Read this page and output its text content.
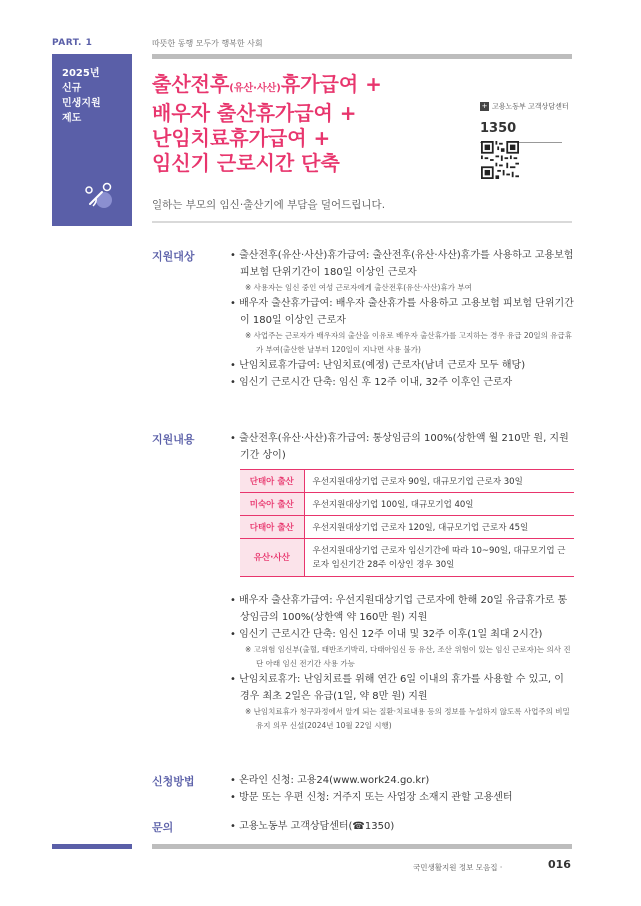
PART. 1	따뜻한 동행 모두가 행복한 사회
2025년
신규
민생지원
제도
출산전후(유산·사산)휴가급여 +
배우자 출산휴가급여 +
난임치료휴가급여 +
임신기 근로시간 단축
+ 고용노동부 고객상담센터
1350
일하는 부모의 임신·출산기에 부담을 덜어드립니다.
지원대상	• 출산전후(유산·사산)휴가급여: 출산전후(유산·사산)휴가를 사용하고 고용보험 피보험 단위기간이 180일 이상인 근로자
※ 사용자는 임신 중인 여성 근로자에게 출산전후(유산·사산)휴가 부여
• 배우자 출산휴가급여: 배우자 출산휴가를 사용하고 고용보험 피보험 단위기간이 180일 이상인 근로자
※ 사업주는 근로자가 배우자의 출산을 이유로 배우자 출산휴가를 고지하는 경우 유급 20일의 유급휴가 부여(출산한 날부터 120일이 지나면 사용 불가)
• 난임치료휴가급여: 난임치료(예정) 근로자(남녀 근로자 모두 해당)
• 임신기 근로시간 단축: 임신 후 12주 이내, 32주 이후인 근로자
지원내용	• 출산전후(유산·사산)휴가급여: 통상임금의 100%(상한액 월 210만 원, 지원기간 상이)
단태아 출산	우선지원대상기업 근로자 90일, 대규모기업 근로자 30일
미숙아 출산	우선지원대상기업 100일, 대규모기업 40일
다태아 출산	우선지원대상기업 근로자 120일, 대규모기업 근로자 45일
유산·사산	우선지원대상기업 근로자 임신기간에 따라 10~90일, 대규모기업 근로자 임신기간 28주 이상인 경우 30일
• 배우자 출산휴가급여: 우선지원대상기업 근로자에 한해 20일 유급휴가로 통상임금의 100%(상한액 약 160만 원) 지원
• 임신기 근로시간 단축: 임신 12주 이내 및 32주 이후(1일 최대 2시간)
※ 고위험 임신부(출혈, 태반조기박리, 다태아임신 등 유산, 조산 위험이 있는 임신 근로자)는 의사 진단 아래 임신 전기간 사용 가능
• 난임치료휴가: 난임치료를 위해 연간 6일 이내의 휴가를 사용할 수 있고, 이 경우 최초 2일은 유급(1일, 약 8만 원) 지원
※ 난임치료휴가 청구과정에서 알게 되는 질환·치료내용 등의 정보를 누설하지 않도록 사업주의 비밀유지 의무 신설(2024년 10월 22일 시행)
신청방법	• 온라인 신청: 고용24(www.work24.go.kr)
• 방문 또는 우편 신청: 거주지 또는 사업장 소재지 관할 고용센터
문의	• 고용노동부 고객상담센터(☎1350)
국민생활지원 정보 모음집 ·	016
